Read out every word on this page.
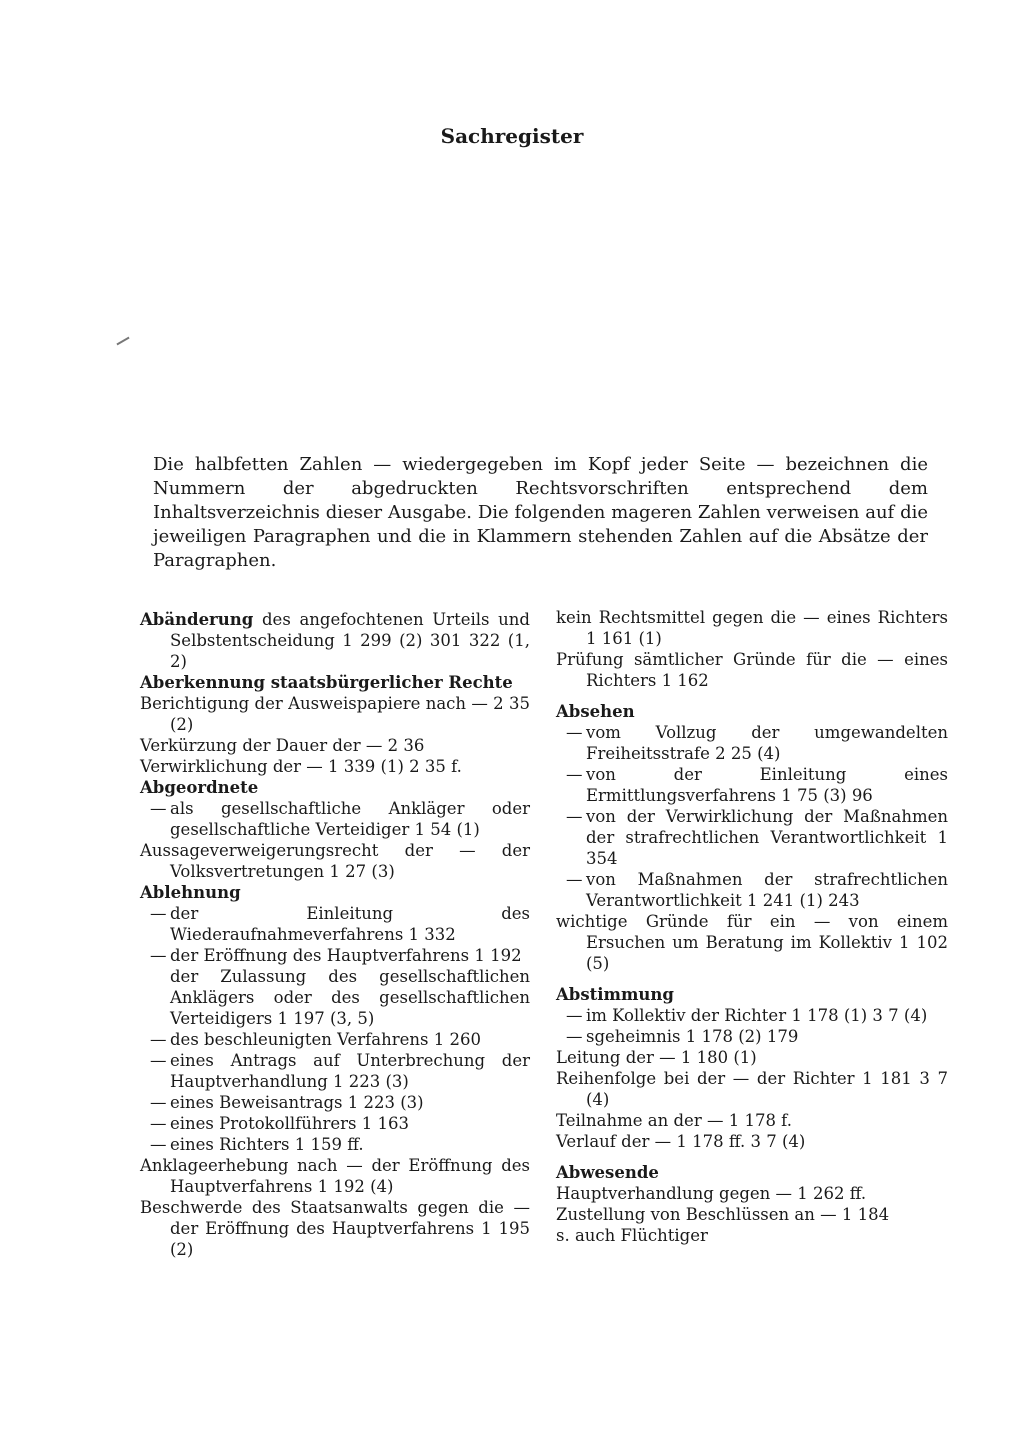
Sachregister

Die halbfetten Zahlen — wiedergegeben im Kopf jeder Seite — bezeichnen die Nummern der abgedruckten Rechtsvorschriften entsprechend dem Inhaltsverzeichnis dieser Ausgabe. Die folgenden mageren Zahlen verweisen auf die jeweiligen Paragraphen und die in Klammern stehenden Zahlen auf die Absätze der Paragraphen.

Abänderung des angefochtenen Urteils und Selbstentscheidung 1 299 (2) 301 322 (1, 2)
Aberkennung staatsbürgerlicher Rechte
Berichtigung der Ausweispapiere nach — 2 35 (2)
Verkürzung der Dauer der — 2 36
Verwirklichung der — 1 339 (1) 2 35 f.
Abgeordnete
— als gesellschaftliche Ankläger oder gesellschaftliche Verteidiger 1 54 (1)
Aussageverweigerungsrecht der — der Volksvertretungen 1 27 (3)
Ablehnung
— der Einleitung des Wiederaufnahmeverfahrens 1 332
— der Eröffnung des Hauptverfahrens 1 192
der Zulassung des gesellschaftlichen Anklägers oder des gesellschaftlichen Verteidigers 1 197 (3, 5)
— des beschleunigten Verfahrens 1 260
— eines Antrags auf Unterbrechung der Hauptverhandlung 1 223 (3)
— eines Beweisantrags 1 223 (3)
— eines Protokollführers 1 163
— eines Richters 1 159 ff.
Anklageerhebung nach — der Eröffnung des Hauptverfahrens 1 192 (4)
Beschwerde des Staatsanwalts gegen die — der Eröffnung des Hauptverfahrens 1 195 (2)
kein Rechtsmittel gegen die — eines Richters 1 161 (1)
Prüfung sämtlicher Gründe für die — eines Richters 1 162
Absehen
— vom Vollzug der umgewandelten Freiheitsstrafe 2 25 (4)
— von der Einleitung eines Ermittlungsverfahrens 1 75 (3) 96
— von der Verwirklichung der Maßnahmen der strafrechtlichen Verantwortlichkeit 1 354
— von Maßnahmen der strafrechtlichen Verantwortlichkeit 1 241 (1) 243
wichtige Gründe für ein — von einem Ersuchen um Beratung im Kollektiv 1 102 (5)
Abstimmung
— im Kollektiv der Richter 1 178 (1) 3 7 (4)
— sgeheimnis 1 178 (2) 179
Leitung der — 1 180 (1)
Reihenfolge bei der — der Richter 1 181 3 7 (4)
Teilnahme an der — 1 178 f.
Verlauf der — 1 178 ff. 3 7 (4)
Abwesende
Hauptverhandlung gegen — 1 262 ff.
Zustellung von Beschlüssen an — 1 184
s. auch Flüchtiger
